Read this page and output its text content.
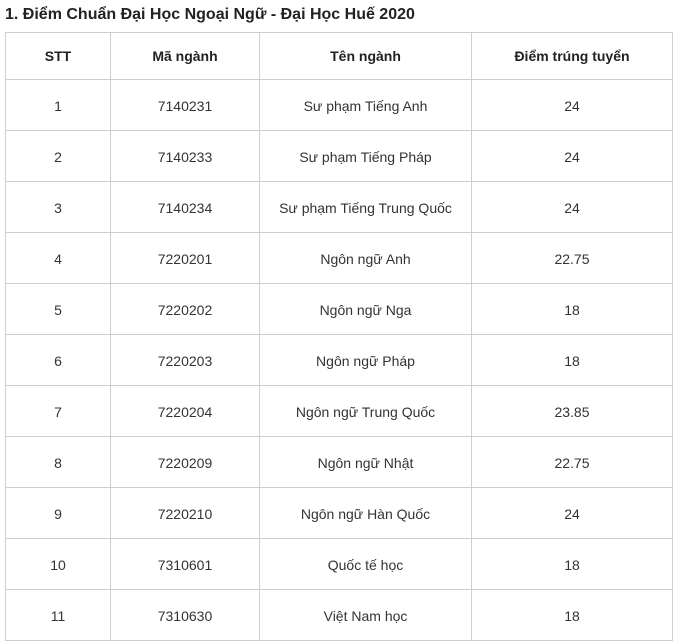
1. Điểm Chuẩn Đại Học Ngoại Ngữ - Đại Học Huế 2020
STT	Mã ngành	Tên ngành	Điểm trúng tuyển
1	7140231	Sư phạm Tiếng Anh	24
2	7140233	Sư phạm Tiếng Pháp	24
3	7140234	Sư phạm Tiếng Trung Quốc	24
4	7220201	Ngôn ngữ Anh	22.75
5	7220202	Ngôn ngữ Nga	18
6	7220203	Ngôn ngữ Pháp	18
7	7220204	Ngôn ngữ Trung Quốc	23.85
8	7220209	Ngôn ngữ Nhật	22.75
9	7220210	Ngôn ngữ Hàn Quốc	24
10	7310601	Quốc tế học	18
11	7310630	Việt Nam học	18
